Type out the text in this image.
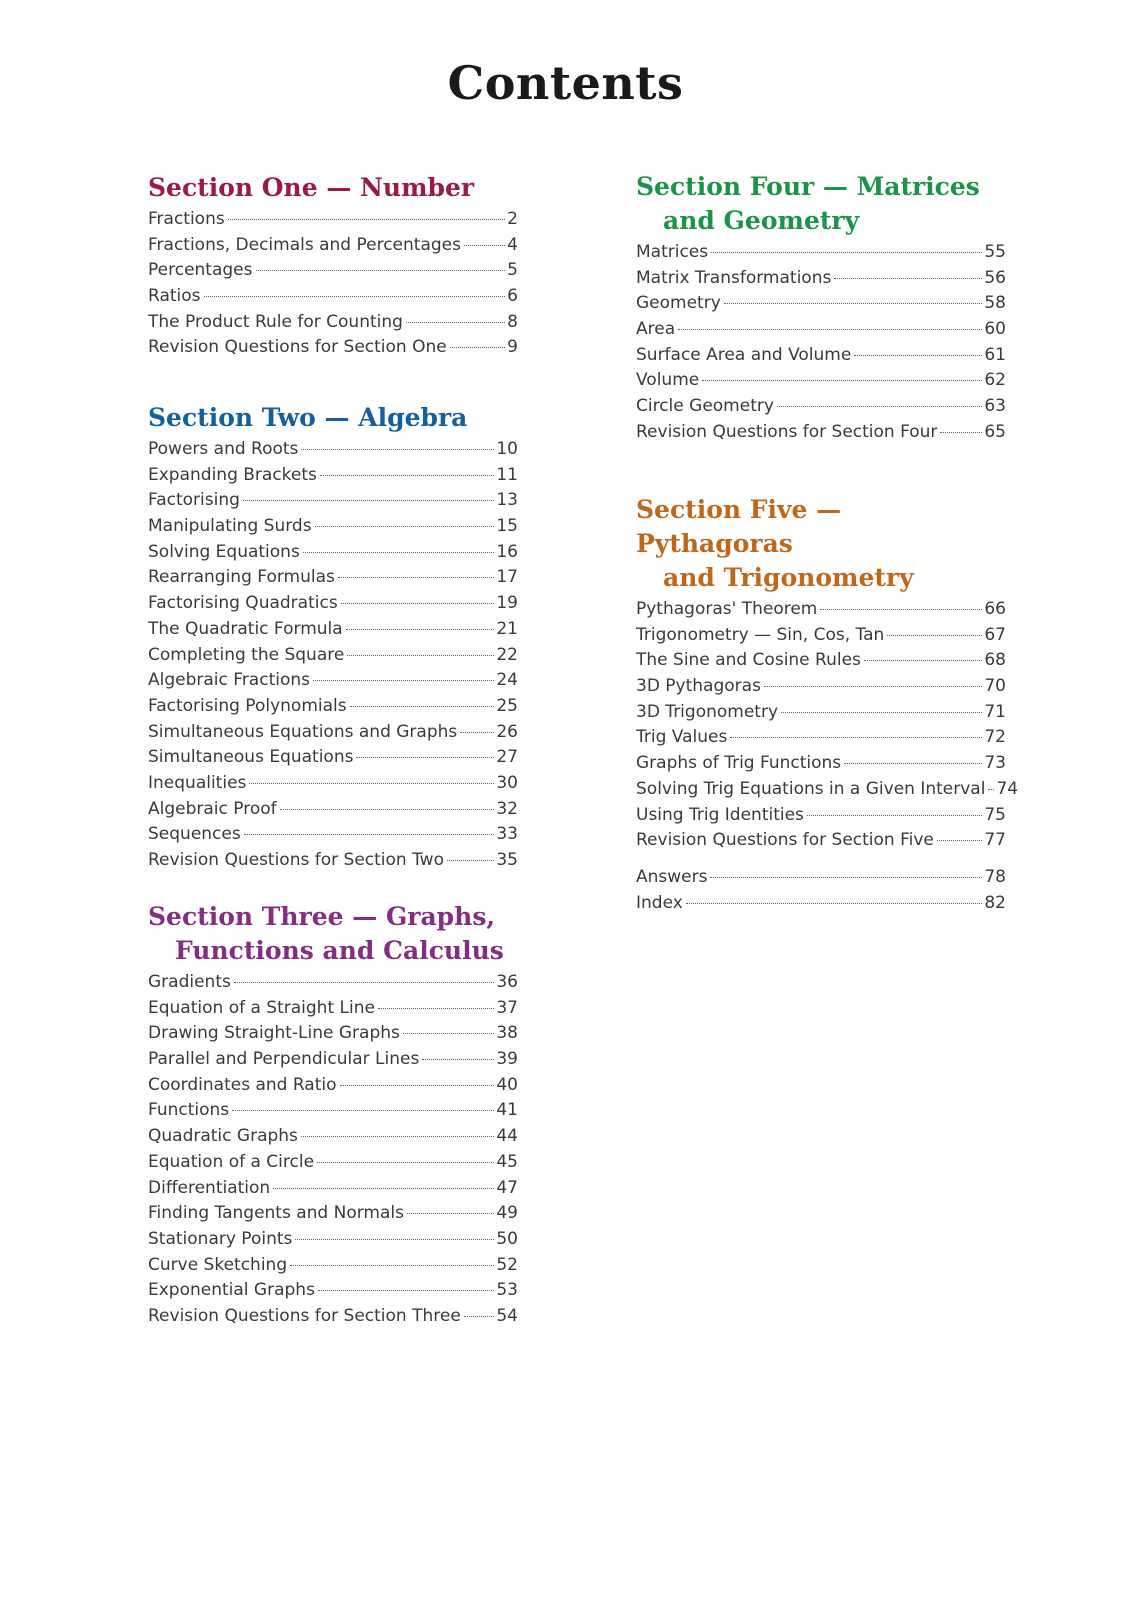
Contents
Section One — Number
Fractions	2
Fractions, Decimals and Percentages	4
Percentages	5
Ratios	6
The Product Rule for Counting	8
Revision Questions for Section One	9
Section Two — Algebra
Powers and Roots	10
Expanding Brackets	11
Factorising	13
Manipulating Surds	15
Solving Equations	16
Rearranging Formulas	17
Factorising Quadratics	19
The Quadratic Formula	21
Completing the Square	22
Algebraic Fractions	24
Factorising Polynomials	25
Simultaneous Equations and Graphs 26
Simultaneous Equations	27
Inequalities	30
Algebraic Proof	32
Sequences	33
Revision Questions for Section Two	35
Section Three — Graphs,
Functions and Calculus
Gradients	36
Equation of a Straight Line	37
Drawing Straight-Line Graphs	38
Parallel and Perpendicular Lines	39
Coordinates and Ratio	40
Functions	41
Quadratic Graphs	44
Equation of a Circle	45
Differentiation	47
Finding Tangents and Normals	49
Stationary Points	50
Curve Sketching	52
Exponential Graphs	53
Revision Questions for Section Three 54
Section Four — Matrices
and Geometry
Matrices	55
Matrix Transformations	56
Geometry	58
Area	60
Surface Area and Volume	61
Volume	62
Circle Geometry	63
Revision Questions for Section Four	65
Section Five — Pythagoras
and Trigonometry
Pythagoras' Theorem	66
Trigonometry — Sin, Cos, Tan	67
The Sine and Cosine Rules	68
3D Pythagoras	70
3D Trigonometry	71
Trig Values	72
Graphs of Trig Functions	73
Solving Trig Equations in a Given Interval 74
Using Trig Identities	75
Revision Questions for Section Five	77
Answers	78
Index	82
